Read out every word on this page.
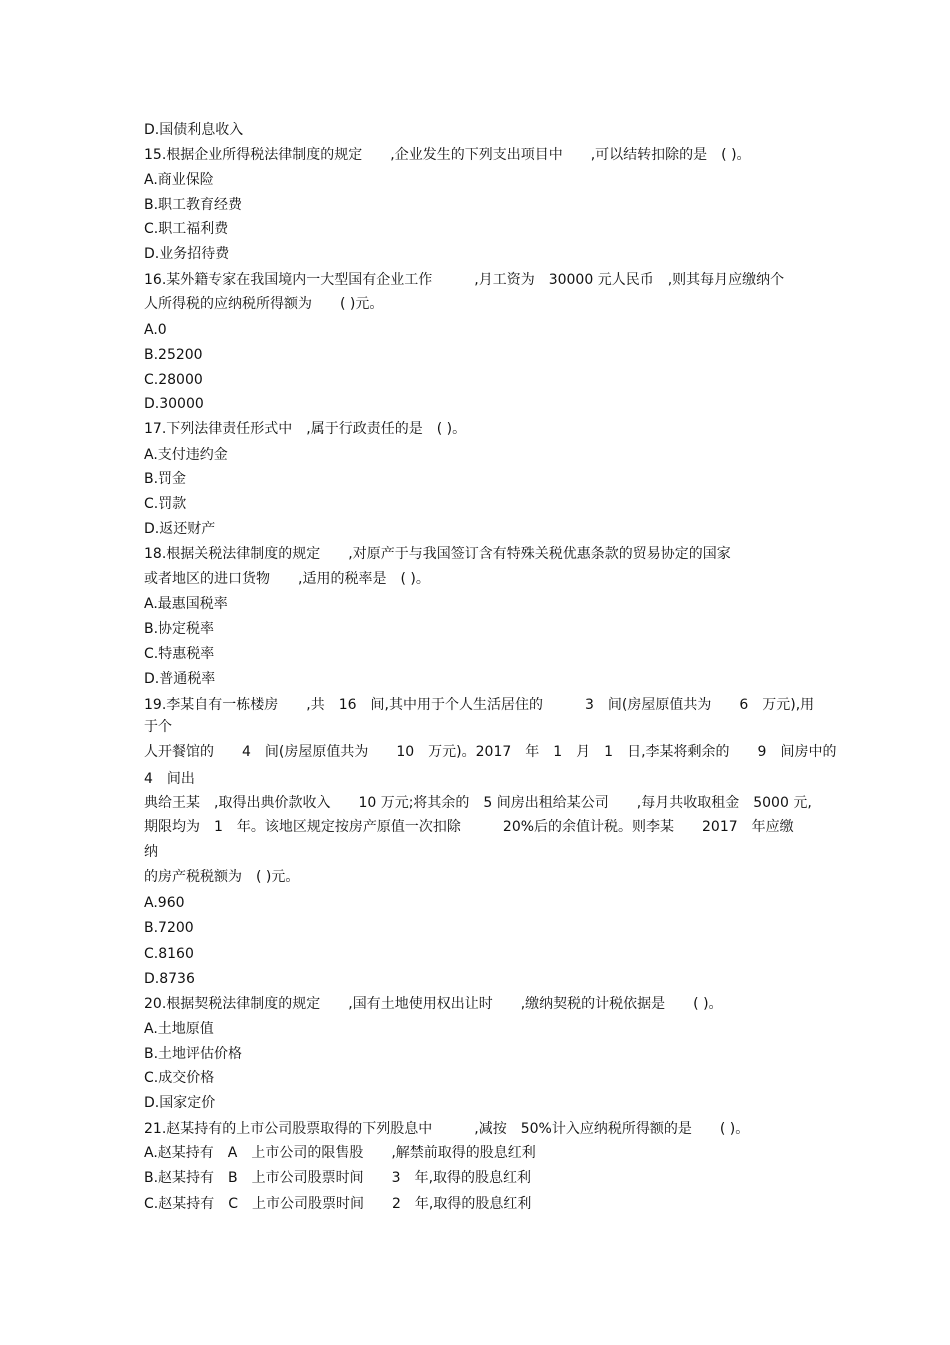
D.国债利息收入
15.根据企业所得税法律制度的规定　　,企业发生的下列支出项目中　　,可以结转扣除的是　( )。
A.商业保险
B.职工教育经费
C.职工福利费
D.业务招待费
16.某外籍专家在我国境内一大型国有企业工作　　　,月工资为　30000 元人民币　,则其每月应缴纳个
人所得税的应纳税所得额为　　( )元。
A.0
B.25200
C.28000
D.30000
17.下列法律责任形式中　,属于行政责任的是　( )。
A.支付违约金
B.罚金
C.罚款
D.返还财产
18.根据关税法律制度的规定　　,对原产于与我国签订含有特殊关税优惠条款的贸易协定的国家
或者地区的进口货物　　,适用的税率是　( )。
A.最惠国税率
B.协定税率
C.特惠税率
D.普通税率
19.李某自有一栋楼房　　,共　16　间,其中用于个人生活居住的　　　3　间(房屋原值共为　　6　万元),用
于个
人开餐馆的　　4　间(房屋原值共为　　10　万元)。2017　年　1　月　1　日,李某将剩余的　　9　间房中的
4　间出
典给王某　,取得出典价款收入　　10 万元;将其余的　5 间房出租给某公司　　,每月共收取租金　5000 元,
期限均为　1　年。该地区规定按房产原值一次扣除　　　20%后的余值计税。则李某　　2017　年应缴
纳
的房产税税额为　( )元。
A.960
B.7200
C.8160
D.8736
20.根据契税法律制度的规定　　,国有土地使用权出让时　　,缴纳契税的计税依据是　　( )。
A.土地原值
B.土地评估价格
C.成交价格
D.国家定价
21.赵某持有的上市公司股票取得的下列股息中　　　,减按　50%计入应纳税所得额的是　　( )。
A.赵某持有　A　上市公司的限售股　　,解禁前取得的股息红利
B.赵某持有　B　上市公司股票时间　　3　年,取得的股息红利
C.赵某持有　C　上市公司股票时间　　2　年,取得的股息红利
